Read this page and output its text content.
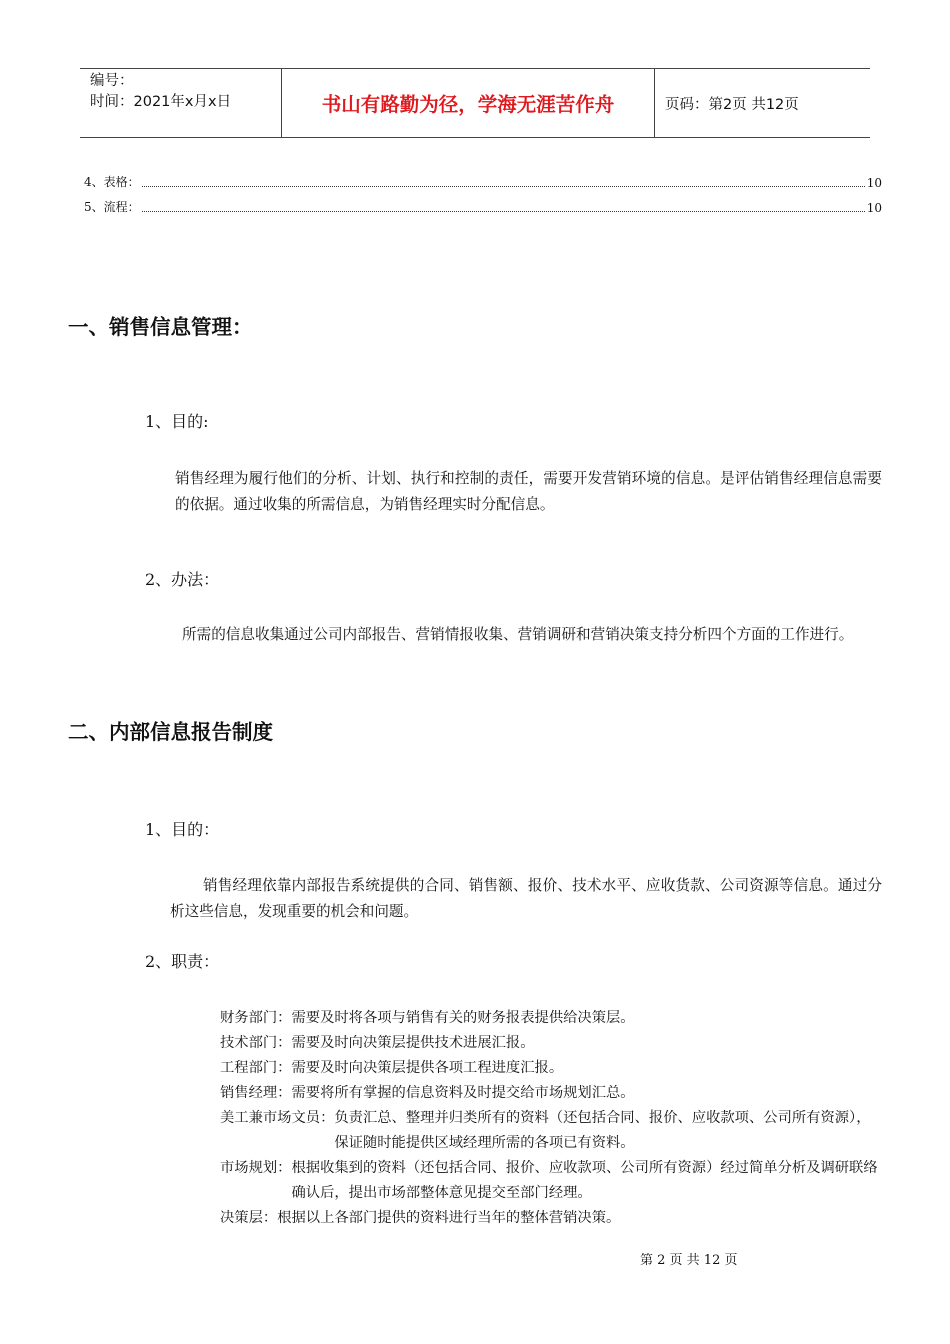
编号：
时间：2021年x月x日	书山有路勤为径，学海无涯苦作舟	页码：第2页 共12页
4、表格：	10
5、流程：	10
一、销售信息管理：
1、目的:
销售经理为履行他们的分析、计划、执行和控制的责任，需要开发营销环境的信息。是评估销售经理信息需要的依据。通过收集的所需信息，为销售经理实时分配信息。
2、办法：
所需的信息收集通过公司内部报告、营销情报收集、营销调研和营销决策支持分析四个方面的工作进行。
二、内部信息报告制度
1、目的：
销售经理依靠内部报告系统提供的合同、销售额、报价、技术水平、应收货款、公司资源等信息。通过分析这些信息，发现重要的机会和问题。
2、职责：
财务部门： 需要及时将各项与销售有关的财务报表提供给决策层。
技术部门： 需要及时向决策层提供技术进展汇报。
工程部门： 需要及时向决策层提供各项工程进度汇报。
销售经理： 需要将所有掌握的信息资料及时提交给市场规划汇总。
美工兼市场文员： 负责汇总、整理并归类所有的资料（还包括合同、报价、应收款项、公司所有资源），保证随时能提供区域经理所需的各项已有资料。
市场规划： 根据收集到的资料（还包括合同、报价、应收款项、公司所有资源）经过简单分析及调研联络确认后，提出市场部整体意见提交至部门经理。
决策层： 根据以上各部门提供的资料进行当年的整体营销决策。
第 2 页 共 12 页
